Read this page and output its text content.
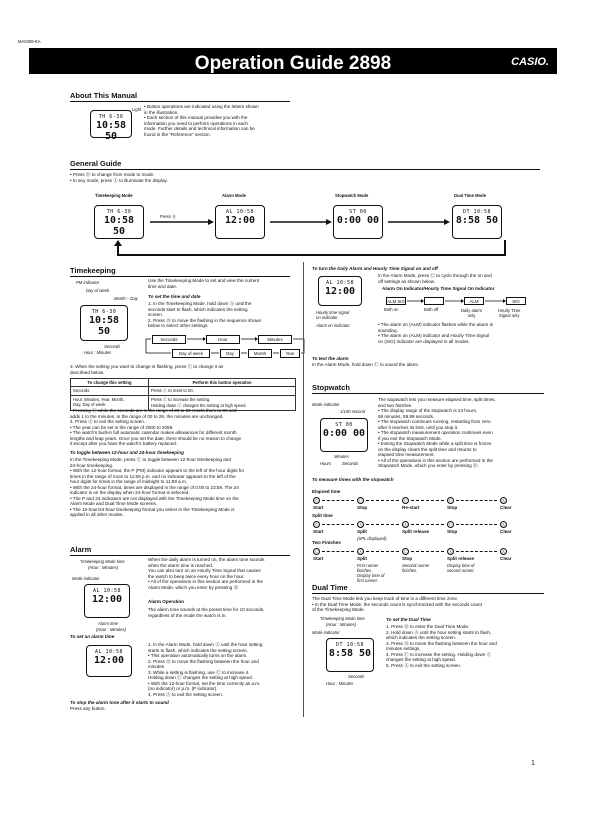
MA0409-EA
Operation Guide 2898	CASIO.
About This Manual
TH 6-30
10:58 50
Light
• Button operations are indicated using the letters shown
in the illustration.
• Each section of this manual provides you with the
information you need to perform operations in each
mode. Further details and technical information can be
found in the "Reference" section.
General Guide
• Press Ⓑ to change from mode to mode.
• In any mode, press Ⓛ to illuminate the display.
Timekeeping Mode	Alarm Mode	Stopwatch Mode	Dual Time Mode
TH 6-30
10:58 50
AL 10:58
12:00
ST 00
0:00 00
DT 10:58
8:58 50
Press Ⓑ
Timekeeping
PM indicator
Day of week
Month – Day
TH 6-30
10:58 50
Seconds
Hour : Minutes
Use the Timekeeping Mode to set and view the current
time and date.
To set the time and date
1. In the Timekeeping Mode, hold down Ⓐ until the
seconds start to flash, which indicates the setting
screen.
2. Press Ⓑ to move the flashing in the sequence shown
below to select other settings.
Seconds	Hour	Minutes
Day of week	Day	Month	Year
3. When the setting you want to change is flashing, press Ⓒ to change it as
described below.
To change this setting	Perform this button operation
Seconds	Press Ⓒ to reset to 00.
Hour, Minutes, Year, Month,
Day, Day of week	Press Ⓒ to increase the setting.
Holding down Ⓒ changes the setting at high speed.
• Pressing Ⓒ while the seconds are in the range of 30 to 59 resets them to 00 and
adds 1 to the minutes. In the range of 00 to 29, the minutes are unchanged.
4. Press Ⓐ to exit the setting screen.
• The year can be set in the range of 2000 to 2099.
• The watch's built-in full automatic calendar makes allowances for different month
lengths and leap years. Once you set the date, there should be no reason to change
it except after you have the watch's battery replaced.
To toggle between 12-hour and 24-hour timekeeping
In the Timekeeping Mode, press Ⓒ to toggle between 12-hour timekeeping and
24-hour timekeeping.
• With the 12-hour format, the P (PM) indicator appears to the left of the hour digits for
times in the range of noon to 11:59 p.m. and no indicator appears to the left of the
hour digits for times in the range of midnight to 11:59 a.m.
• With the 24-hour format, times are displayed in the range of 0:00 to 23:59. The 24
indicator is on the display when 24-hour format is selected.
• The P and 24 indicators are not displayed with the Timekeeping Mode time on the
Alarm Mode and Dual Time Mode screens.
• The 12-hour/24-hour timekeeping format you select in the Timekeeping Mode is
applied in all other modes.
Alarm
Timekeeping Mode time
(Hour : Minutes)
Mode indicator
AL 10:58
12:00
Alarm time
(Hour : Minutes)
When the daily alarm is turned on, the alarm tone sounds
when the alarm time is reached.
You can also turn on an Hourly Time Signal that causes
the watch to beep twice every hour on the hour.
• All of the operations in this section are performed in the
Alarm Mode, which you enter by pressing Ⓑ.
Alarm Operation
The alarm tone sounds at the preset time for 10 seconds,
regardless of the mode the watch is in.
To set an alarm time
AL 10:58
12:00
1. In the Alarm Mode, hold down Ⓐ until the hour setting
starts to flash, which indicates the setting screen.
• This operation automatically turns on the alarm.
2. Press Ⓑ to move the flashing between the hour and
minutes.
3. While a setting is flashing, use Ⓒ to increase it.
Holding down Ⓒ changes the setting at high speed.
• With the 12-hour format, set the time correctly as a.m.
(no indicator) or p.m. (P indicator).
4. Press Ⓐ to exit the setting screen.
To stop the alarm tone after it starts to sound
Press any button.
To turn the Daily Alarm and Hourly Time Signal on and off
In the Alarm Mode, press Ⓒ to cycle through the on and
off settings as shown below.
AL 10:58
12:00	Alarm On Indicator/Hourly Time Signal On Indicator
ALM SIG	ALM	SIG
Both on	Both off	Daily alarm
only
Hourly Time
Signal only
Hourly time signal
on indicator
Alarm on indicator	• The alarm on (ALM) indicator flashes while the alarm is
sounding.
• The alarm on (ALM) indicator and Hourly Time Signal
on (SIG) indicator are displayed in all modes.
To test the alarm
In the Alarm Mode, hold down Ⓒ to sound the alarm.
Stopwatch
Mode indicator
1/100 second
ST 00
0:00 00
Minutes
Hours	Seconds
The stopwatch lets you measure elapsed time, split times,
and two finishes.
• The display range of the stopwatch is 23 hours,
59 minutes, 59.99 seconds.
• The stopwatch continues running, restarting from zero
after it reaches its limit, until you stop it.
• The stopwatch measurement operation continues even
if you exit the Stopwatch Mode.
• Exiting the Stopwatch Mode while a split time is frozen
on the display clears the split time and returns to
elapsed time measurement.
• All of the operations in this section are performed in the
Stopwatch Mode, which you enter by pressing Ⓑ.
To measure times with the stopwatch
Elapsed time
Ⓒ
Start
Ⓒ
Stop
Ⓒ
Re-start
Ⓒ
Stop
Ⓐ
Clear
Split time
Ⓒ
Start
Ⓐ
Split
(SPL displayed)
Ⓐ
Split release
Ⓒ
Stop
Ⓐ
Clear
Two Finishes
Ⓒ
Start
Ⓐ
Split
First runner
finishes.
Display time of
first runner.
Ⓒ
Stop
Second runner
finishes.
Ⓐ
Split release
Display time of
second runner.
Ⓐ
Clear
Dual Time
The Dual Time Mode lets you keep track of time in a different time zone.
• In the Dual Time Mode, the seconds count is synchronized with the seconds count
of the Timekeeping Mode.
Timekeeping Mode time
(Hour : Minutes)
Mode indicator
DT 10:58
8:58 50
Seconds
Hour : Minutes
To set the Dual Time
1. Press Ⓑ to enter the Dual Time Mode.
2. Hold down Ⓐ until the hour setting starts to flash,
which indicates the setting screen.
3. Press Ⓑ to move the flashing between the hour and
minutes settings.
4. Press Ⓒ to increase the setting. Holding down Ⓒ
changes the setting at high speed.
5. Press Ⓐ to exit the setting screen.
1
